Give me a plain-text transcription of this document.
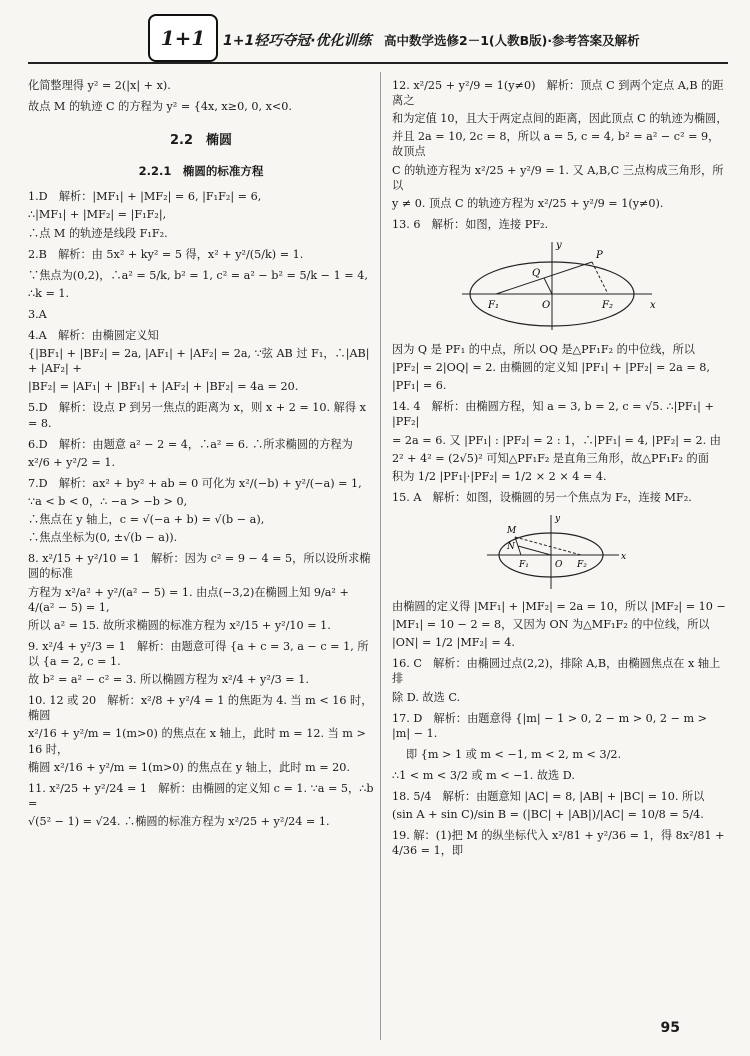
1+1	1+1轻巧夺冠·优化训练 高中数学选修2－1(人教B版)·参考答案及解析
化简整理得 y² = 2(|x| + x).
故点 M 的轨迹 C 的方程为 y² = {4x, x≥0, 0, x<0.
2.2　椭圆
2.2.1　椭圆的标准方程
1.D　解析：|MF₁| + |MF₂| = 6, |F₁F₂| = 6,
∴|MF₁| + |MF₂| = |F₁F₂|,
∴点 M 的轨迹是线段 F₁F₂.
2.B　解析：由 5x² + ky² = 5 得，x² + y²/(5/k) = 1.
∵焦点为(0,2)，∴a² = 5/k, b² = 1, c² = a² − b² = 5/k − 1 = 4,
∴k = 1.
3.A
4.A　解析：由椭圆定义知
{|BF₁| + |BF₂| = 2a, |AF₁| + |AF₂| = 2a, ∵弦 AB 过 F₁，∴|AB| + |AF₂| +
|BF₂| = |AF₁| + |BF₁| + |AF₂| + |BF₂| = 4a = 20.
5.D　解析：设点 P 到另一焦点的距离为 x，则 x + 2 = 10. 解得 x = 8.
6.D　解析：由题意 a² − 2 = 4，∴a² = 6. ∴所求椭圆的方程为
x²/6 + y²/2 = 1.
7.D　解析：ax² + by² + ab = 0 可化为 x²/(−b) + y²/(−a) = 1,
∵a < b < 0，∴ −a > −b > 0,
∴焦点在 y 轴上，c = √(−a + b) = √(b − a),
∴焦点坐标为(0, ±√(b − a)).
8. x²/15 + y²/10 = 1　解析：因为 c² = 9 − 4 = 5，所以设所求椭圆的标准
方程为 x²/a² + y²/(a² − 5) = 1. 由点(−3,2)在椭圆上知 9/a² + 4/(a² − 5) = 1,
所以 a² = 15. 故所求椭圆的标准方程为 x²/15 + y²/10 = 1.
9. x²/4 + y²/3 = 1　解析：由题意可得 {a + c = 3, a − c = 1, 所以 {a = 2, c = 1.
故 b² = a² − c² = 3. 所以椭圆方程为 x²/4 + y²/3 = 1.
10. 12 或 20　解析：x²/8 + y²/4 = 1 的焦距为 4. 当 m < 16 时，椭圆
x²/16 + y²/m = 1(m>0) 的焦点在 x 轴上，此时 m = 12. 当 m > 16 时，
椭圆 x²/16 + y²/m = 1(m>0) 的焦点在 y 轴上，此时 m = 20.
11. x²/25 + y²/24 = 1　解析：由椭圆的定义知 c = 1. ∵a = 5，∴b =
√(5² − 1) = √24. ∴椭圆的标准方程为 x²/25 + y²/24 = 1.
12. x²/25 + y²/9 = 1(y≠0)　解析：顶点 C 到两个定点 A,B 的距离之
和为定值 10，且大于两定点间的距离，因此顶点 C 的轨迹为椭圆，
并且 2a = 10, 2c = 8，所以 a = 5, c = 4, b² = a² − c² = 9，故顶点
C 的轨迹方程为 x²/25 + y²/9 = 1. 又 A,B,C 三点构成三角形，所以
y ≠ 0. 顶点 C 的轨迹方程为 x²/25 + y²/9 = 1(y≠0).
13. 6　解析：如图，连接 PF₂.
P
Q
F₁	F₂
O	x
y
因为 Q 是 PF₁ 的中点，所以 OQ 是△PF₁F₂ 的中位线，所以
|PF₂| = 2|OQ| = 2. 由椭圆的定义知 |PF₁| + |PF₂| = 2a = 8,
|PF₁| = 6.
14. 4　解析：由椭圆方程，知 a = 3, b = 2, c = √5. ∴|PF₁| + |PF₂|
= 2a = 6. 又 |PF₁| : |PF₂| = 2 : 1，∴|PF₁| = 4, |PF₂| = 2. 由
2² + 4² = (2√5)² 可知△PF₁F₂ 是直角三角形，故△PF₁F₂ 的面
积为 1/2 |PF₁|·|PF₂| = 1/2 × 2 × 4 = 4.
15. A　解析：如图，设椭圆的另一个焦点为 F₂，连接 MF₂.
M
N
F₁	F₂
O
x
y
由椭圆的定义得 |MF₁| + |MF₂| = 2a = 10，所以 |MF₂| = 10 −
|MF₁| = 10 − 2 = 8，又因为 ON 为△MF₁F₂ 的中位线，所以
|ON| = 1/2 |MF₂| = 4.
16. C　解析：由椭圆过点(2,2)，排除 A,B，由椭圆焦点在 x 轴上排
除 D. 故选 C.
17. D　解析：由题意得 {|m| − 1 > 0, 2 − m > 0, 2 − m > |m| − 1.
即 {m > 1 或 m < −1, m < 2, m < 3/2.
∴1 < m < 3/2 或 m < −1. 故选 D.
18. 5/4　解析：由题意知 |AC| = 8, |AB| + |BC| = 10. 所以
(sin A + sin C)/sin B = (|BC| + |AB|)/|AC| = 10/8 = 5/4.
19. 解：(1)把 M 的纵坐标代入 x²/81 + y²/36 = 1，得 8x²/81 + 4/36 = 1，即
95
